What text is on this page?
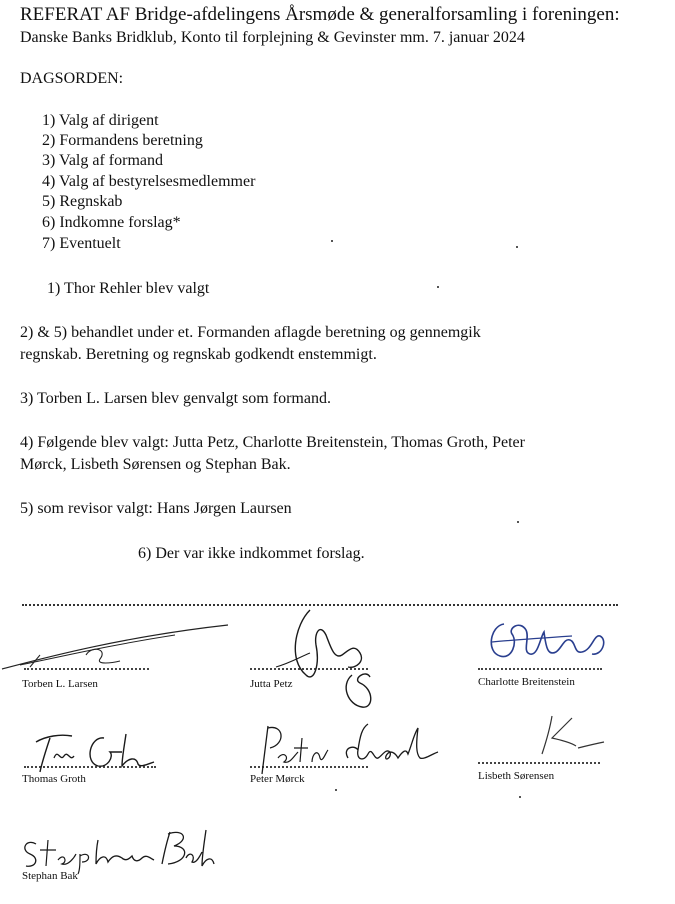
REFERAT AF Bridge-afdelingens Årsmøde & generalforsamling i foreningen:
Danske Banks Bridklub, Konto til forplejning & Gevinster mm. 7. januar 2024
DAGSORDEN:
1) Valg af dirigent
2) Formandens beretning
3) Valg af formand
4) Valg af bestyrelsesmedlemmer
5) Regnskab
6) Indkomne forslag*
7) Eventuelt
1) Thor Rehler blev valgt
2) & 5) behandlet under et. Formanden aflagde beretning og gennemgik
regnskab. Beretning og regnskab godkendt enstemmigt.
3) Torben L. Larsen blev genvalgt som formand.
4) Følgende blev valgt: Jutta Petz, Charlotte Breitenstein, Thomas Groth, Peter
Mørck, Lisbeth Sørensen og Stephan Bak.
5) som revisor valgt: Hans Jørgen Laursen
6) Der var ikke indkommet forslag.
Torben L. Larsen	Jutta Petz	Charlotte Breitenstein
Thomas Groth	Peter Mørck	Lisbeth Sørensen
Stephan Bak
